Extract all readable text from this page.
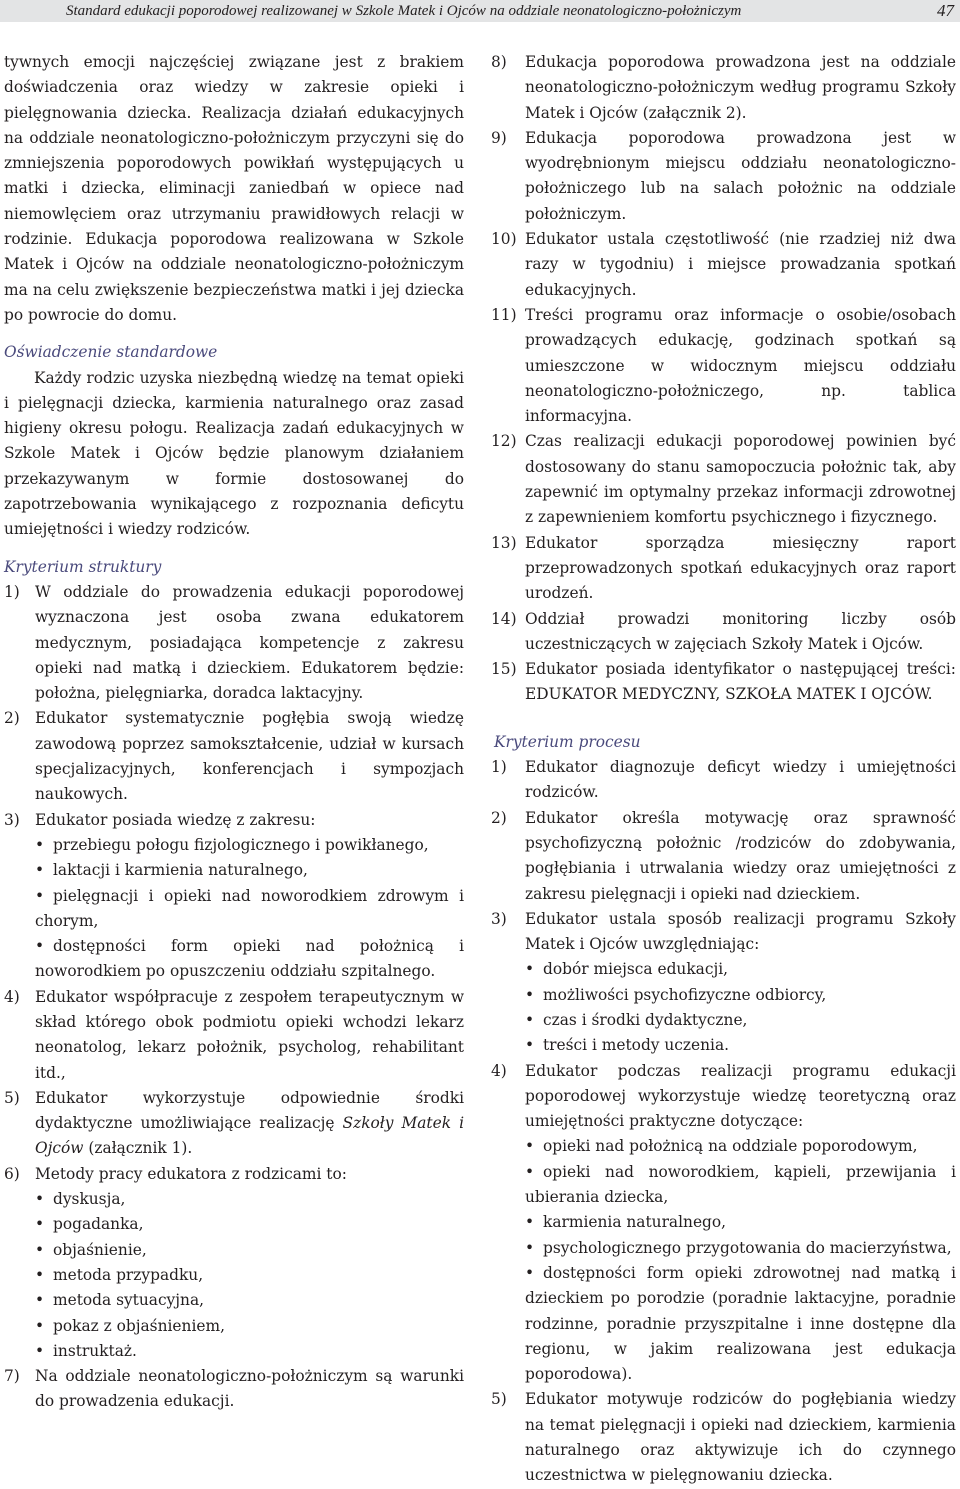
Standard edukacji poporodowej realizowanej w Szkole Matek i Ojców na oddziale neonatologiczno-położniczym	47

tywnych emocji najczęściej związane jest z brakiem doświadczenia oraz wiedzy w zakresie opieki i pielęgnowania dziecka. Realizacja działań edukacyjnych na oddziale neonatologiczno-położniczym przyczyni się do zmniejszenia poporodowych powikłań występujących u matki i dziecka, eliminacji zaniedbań w opiece nad niemowlęciem oraz utrzymaniu prawidłowych relacji w rodzinie. Edukacja poporodowa realizowana w Szkole Matek i Ojców na oddziale neonatologiczno-położniczym ma na celu zwiększenie bezpieczeństwa matki i jej dziecka po powrocie do domu.

Oświadczenie standardowe

Każdy rodzic uzyska niezbędną wiedzę na temat opieki i pielęgnacji dziecka, karmienia naturalnego oraz zasad higieny okresu połogu. Realizacja zadań edukacyjnych w Szkole Matek i Ojców będzie planowym działaniem przekazywanym w formie dostosowanej do zapotrzebowania wynikającego z rozpoznania deficytu umiejętności i wiedzy rodziców.

Kryterium struktury
1) W oddziale do prowadzenia edukacji poporodowej wyznaczona jest osoba zwana edukatorem medycznym, posiadająca kompetencje z zakresu opieki nad matką i dzieckiem. Edukatorem będzie: położna, pielęgniarka, doradca laktacyjny.
2) Edukator systematycznie pogłębia swoją wiedzę zawodową poprzez samokształcenie, udział w kursach specjalizacyjnych, konferencjach i sympozjach naukowych.
3) Edukator posiada wiedzę z zakresu:
• przebiegu połogu fizjologicznego i powikłanego,
• laktacji i karmienia naturalnego,
• pielęgnacji i opieki nad noworodkiem zdrowym i chorym,
• dostępności form opieki nad położnicą i noworodkiem po opuszczeniu oddziału szpitalnego.
4) Edukator współpracuje z zespołem terapeutycznym w skład którego obok podmiotu opieki wchodzi lekarz neonatolog, lekarz położnik, psycholog, rehabilitant itd.,
5) Edukator wykorzystuje odpowiednie środki dydaktyczne umożliwiające realizację Szkoły Matek i Ojców (załącznik 1).
6) Metody pracy edukatora z rodzicami to:
• dyskusja,
• pogadanka,
• objaśnienie,
• metoda przypadku,
• metoda sytuacyjna,
• pokaz z objaśnieniem,
• instruktaż.
7) Na oddziale neonatologiczno-położniczym są warunki do prowadzenia edukacji.
8) Edukacja poporodowa prowadzona jest na oddziale neonatologiczno-położniczym według programu Szkoły Matek i Ojców (załącznik 2).
9) Edukacja poporodowa prowadzona jest w wyodrębnionym miejscu oddziału neonatologiczno-położniczego lub na salach położnic na oddziale położniczym.
10) Edukator ustala częstotliwość (nie rzadziej niż dwa razy w tygodniu) i miejsce prowadzania spotkań edukacyjnych.
11) Treści programu oraz informacje o osobie/osobach prowadzących edukację, godzinach spotkań są umieszczone w widocznym miejscu oddziału neonatologiczno-położniczego, np. tablica informacyjna.
12) Czas realizacji edukacji poporodowej powinien być dostosowany do stanu samopoczucia położnic tak, aby zapewnić im optymalny przekaz informacji zdrowotnej z zapewnieniem komfortu psychicznego i fizycznego.
13) Edukator sporządza miesięczny raport przeprowadzonych spotkań edukacyjnych oraz raport urodzeń.
14) Oddział prowadzi monitoring liczby osób uczestniczących w zajęciach Szkoły Matek i Ojców.
15) Edukator posiada identyfikator o następującej treści: EDUKATOR MEDYCZNY, SZKOŁA MATEK I OJCÓW.
Kryterium procesu
1) Edukator diagnozuje deficyt wiedzy i umiejętności rodziców.
2) Edukator określa motywację oraz sprawność psychofizyczną położnic /rodziców do zdobywania, pogłębiania i utrwalania wiedzy oraz umiejętności z zakresu pielęgnacji i opieki nad dzieckiem.
3) Edukator ustala sposób realizacji programu Szkoły Matek i Ojców uwzględniając:
• dobór miejsca edukacji,
• możliwości psychofizyczne odbiorcy,
• czas i środki dydaktyczne,
• treści i metody uczenia.
4) Edukator podczas realizacji programu edukacji poporodowej wykorzystuje wiedzę teoretyczną oraz umiejętności praktyczne dotyczące:
• opieki nad położnicą na oddziale poporodowym,
• opieki nad noworodkiem, kąpieli, przewijania i ubierania dziecka,
• karmienia naturalnego,
• psychologicznego przygotowania do macierzyństwa,
• dostępności form opieki zdrowotnej nad matką i dzieckiem po porodzie (poradnie laktacyjne, poradnie rodzinne, poradnie przyszpitalne i inne dostępne dla regionu, w jakim realizowana jest edukacja poporodowa).
5) Edukator motywuje rodziców do pogłębiania wiedzy na temat pielęgnacji i opieki nad dzieckiem, karmienia naturalnego oraz aktywizuje ich do czynnego uczestnictwa w pielęgnowaniu dziecka.
